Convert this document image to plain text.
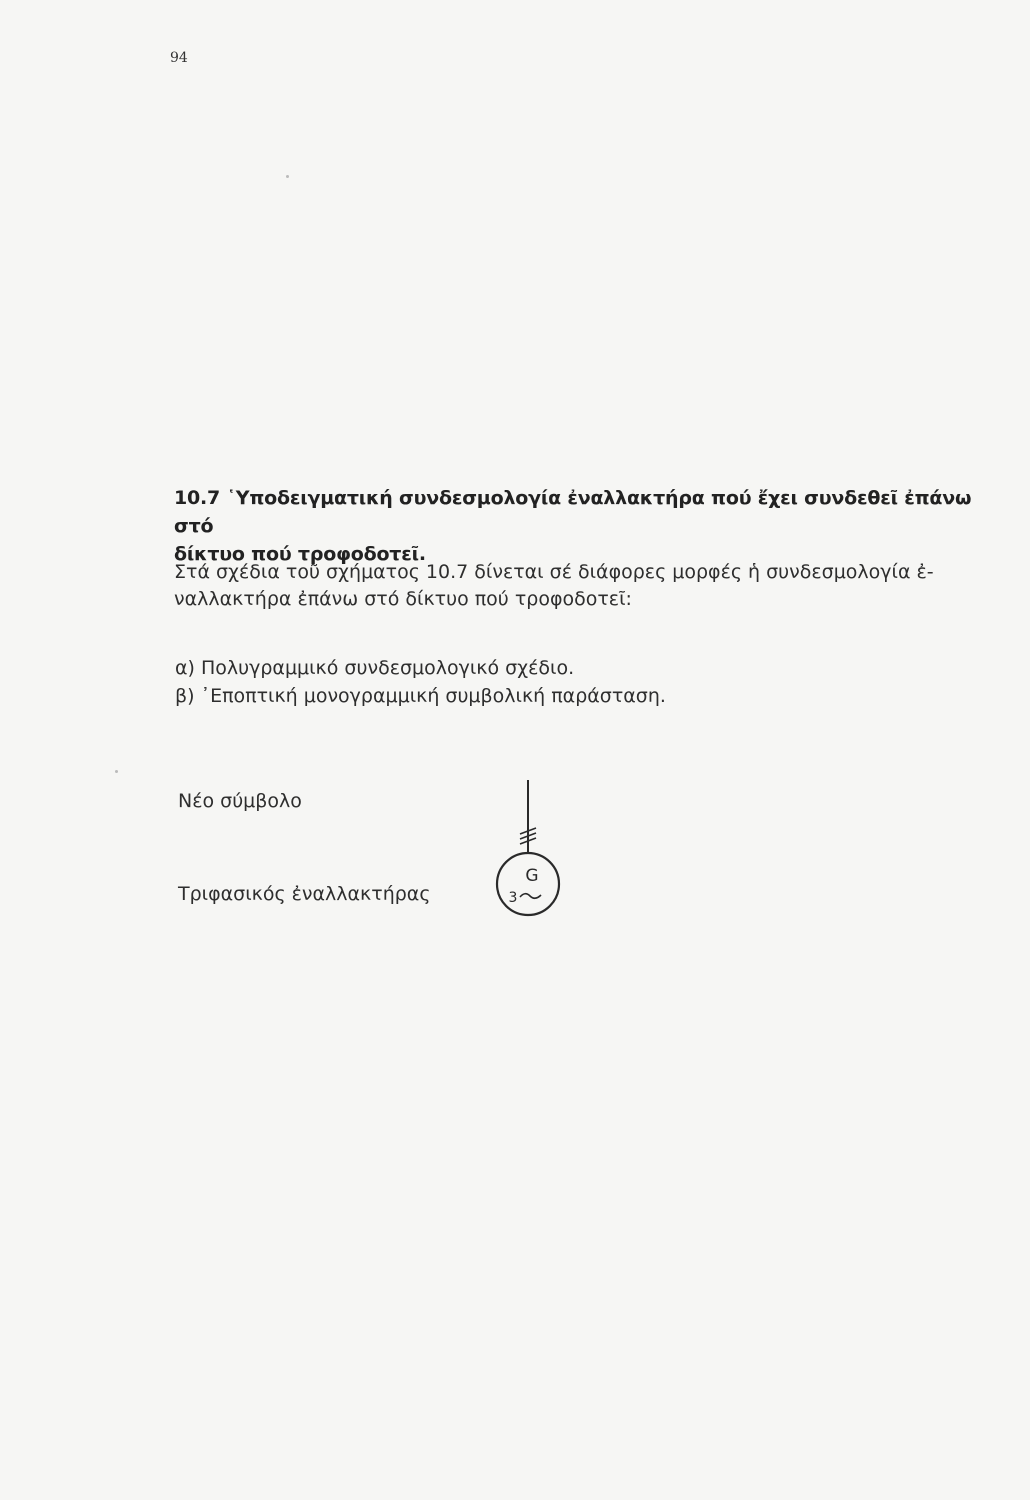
94
10.7 ῾Υποδειγματική συνδεσμολογία ἐναλλακτήρα πού ἔχει συνδεθεῖ ἐπάνω στό
δίκτυο πού τροφοδοτεῖ.
Στά σχέδια τοῦ σχήματος 10.7 δίνεται σέ διάφορες μορφές ἡ συνδεσμολογία ἐ-
ναλλακτήρα ἐπάνω στό δίκτυο πού τροφοδοτεῖ:
α) Πολυγραμμικό συνδεσμολογικό σχέδιο.
β) ᾿Εποπτική μονογραμμική συμβολική παράσταση.
Νέο σύμβολο
Τριφασικός ἐναλλακτήρας
G
3
